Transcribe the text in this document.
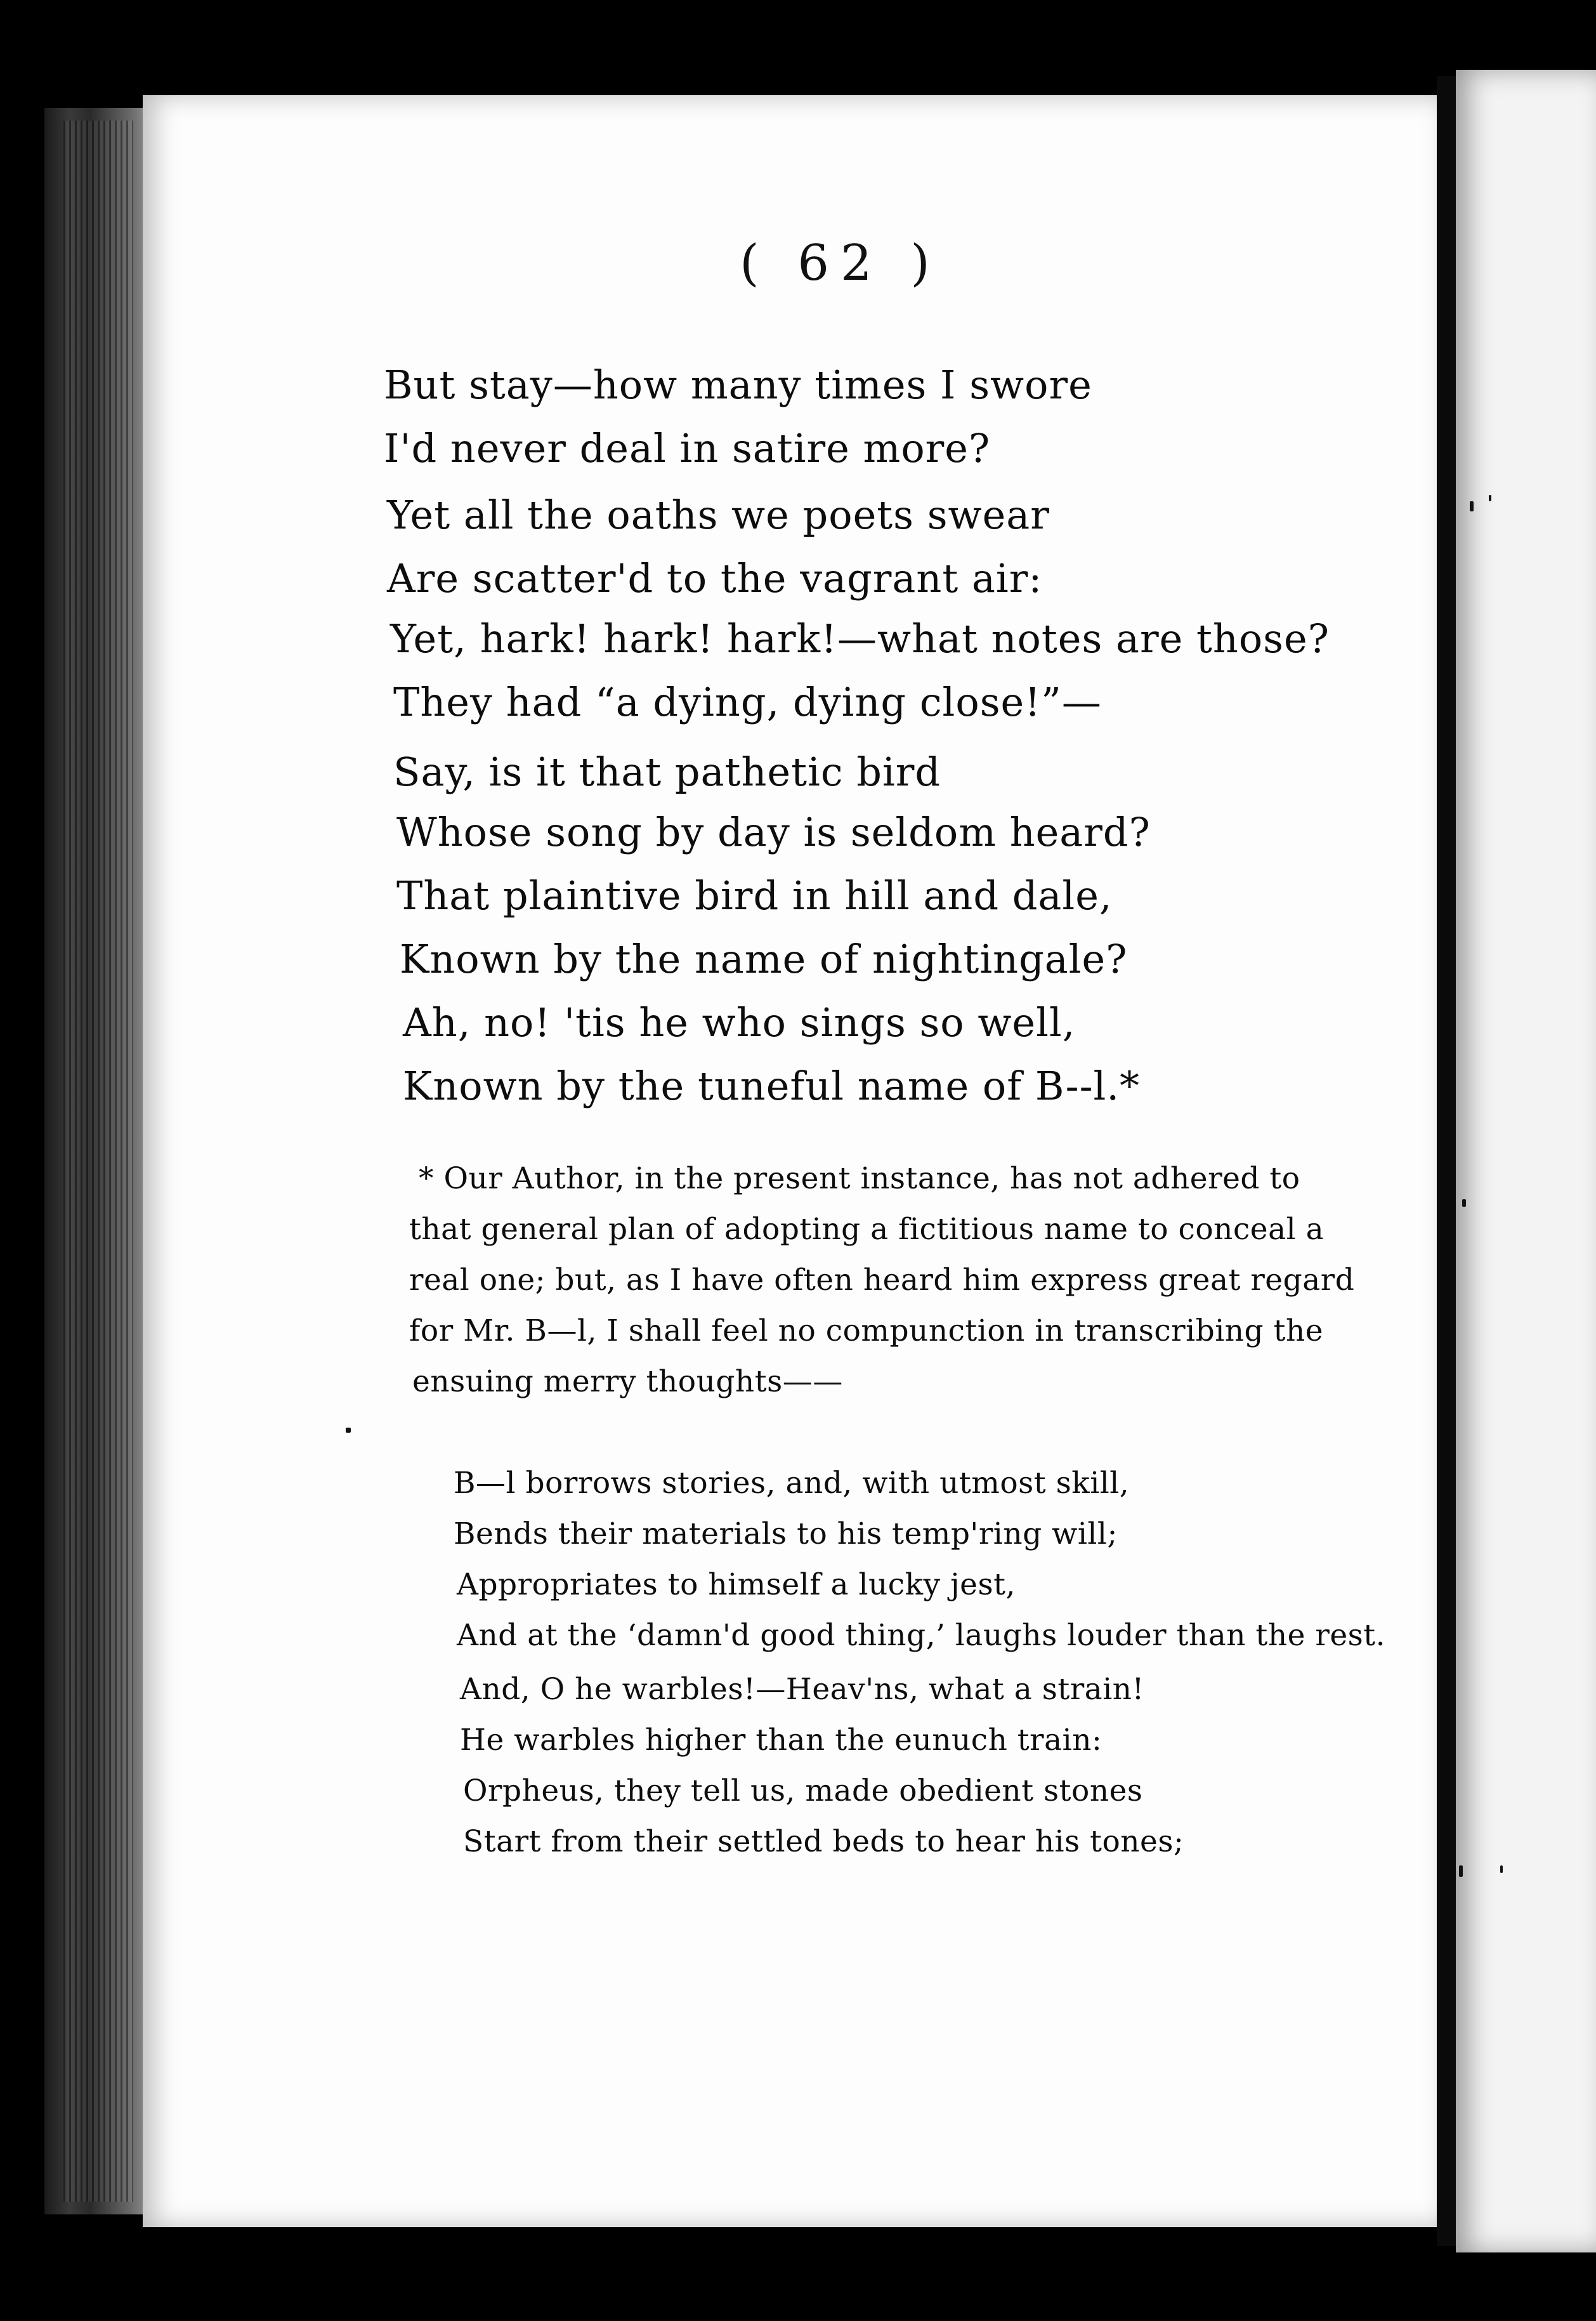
( 62 )
But stay—how many times I swore
I'd never deal in satire more?
Yet all the oaths we poets swear
Are scatter'd to the vagrant air:
Yet, hark! hark! hark!—what notes are those?
They had “a dying, dying close!”—
Say, is it that pathetic bird
Whose song by day is seldom heard?
That plaintive bird in hill and dale,
Known by the name of nightingale?
Ah, no! 'tis he who sings so well,
Known by the tuneful name of B--l.*
* Our Author, in the present instance, has not adhered to
that general plan of adopting a fictitious name to conceal a
real one; but, as I have often heard him express great regard
for Mr. B—l, I shall feel no compunction in transcribing the
ensuing merry thoughts——
B—l borrows stories, and, with utmost skill,
Bends their materials to his temp'ring will;
Appropriates to himself a lucky jest,
And at the ‘damn'd good thing,’ laughs louder than the rest.
And, O he warbles!—Heav'ns, what a strain!
He warbles higher than the eunuch train:
Orpheus, they tell us, made obedient stones
Start from their settled beds to hear his tones;
